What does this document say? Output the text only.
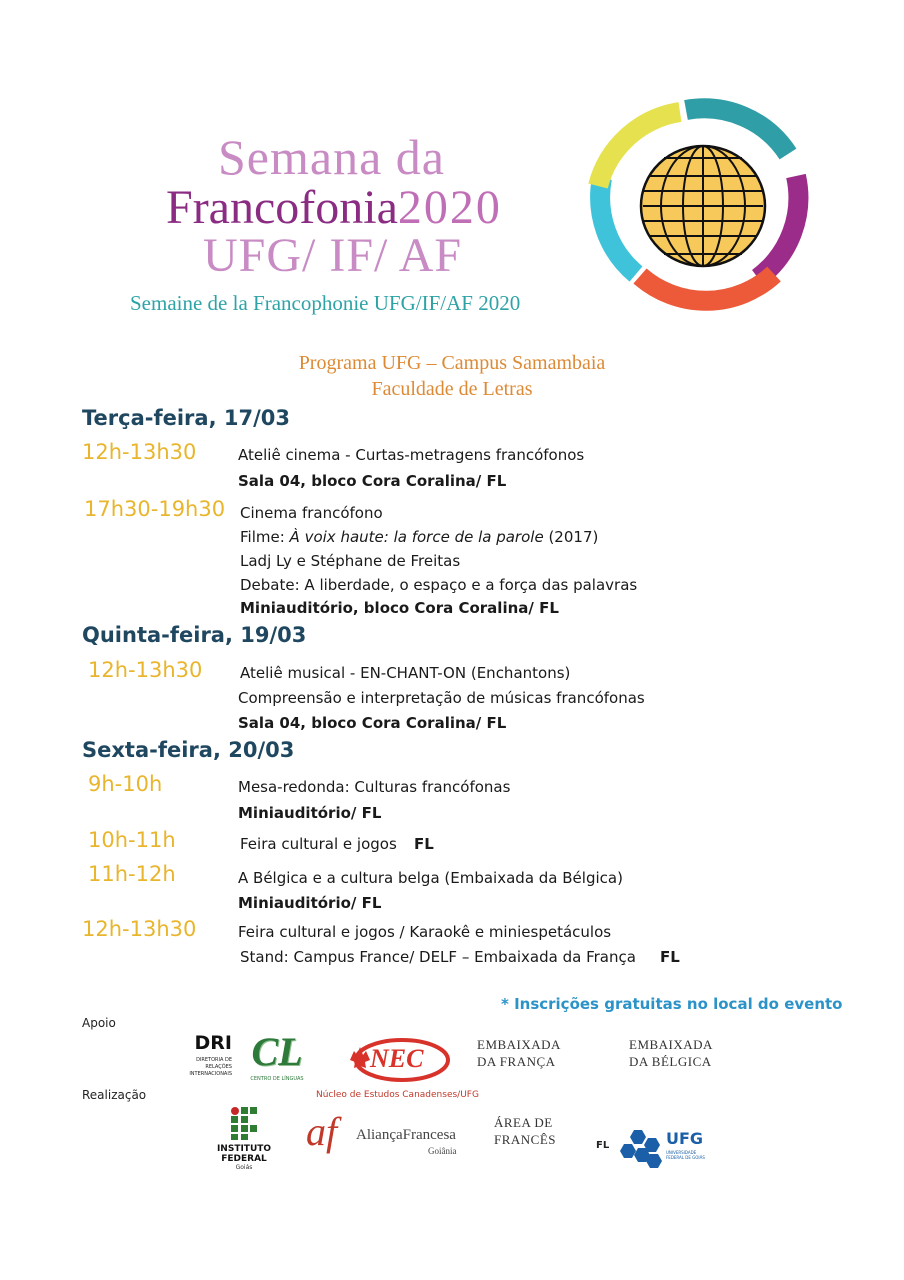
Semana da
Francofonia2020
UFG/ IF/ AF
Semaine de la Francophonie UFG/IF/AF 2020
Programa UFG – Campus Samambaia
Faculdade de Letras
Terça-feira, 17/03
12h-13h30	Ateliê cinema - Curtas-metragens francófonos
Sala 04, bloco Cora Coralina/ FL
17h30-19h30 Cinema francófono
Filme: À voix haute: la force de la parole (2017)
Ladj Ly e Stéphane de Freitas
Debate: A liberdade, o espaço e a força das palavras
Miniauditório, bloco Cora Coralina/ FL
Quinta-feira, 19/03
12h-13h30	Ateliê musical - EN-CHANT-ON (Enchantons)
Compreensão e interpretação de músicas francófonas
Sala 04, bloco Cora Coralina/ FL
Sexta-feira, 20/03
9h-10h	Mesa-redonda: Culturas francófonas
Miniauditório/ FL
10h-11h	Feira cultural e jogos FL
11h-12h	A Bélgica e a cultura belga (Embaixada da Bélgica)
Miniauditório/ FL
12h-13h30	Feira cultural e jogos / Karaokê e miniespetáculos
Stand: Campus France/ DELF – Embaixada da França FL
* Inscrições gratuitas no local do evento
Apoio
DRI
DIRETORIA DE
RELAÇÕES
INTERNACIONAIS CL
CENTRO DE LÍNGUAS
NEC
Núcleo de Estudos Canadenses/UFG
EMBAIXADA
DA FRANÇA
EMBAIXADA
DA BÉLGICA
Realização
INSTITUTO
FEDERAL
Goiás
af AliançaFrancesa
Goiânia
ÁREA DE
FRANCÊS	FL	UFG
UNIVERSIDADE
FEDERAL DE GOIÁS
